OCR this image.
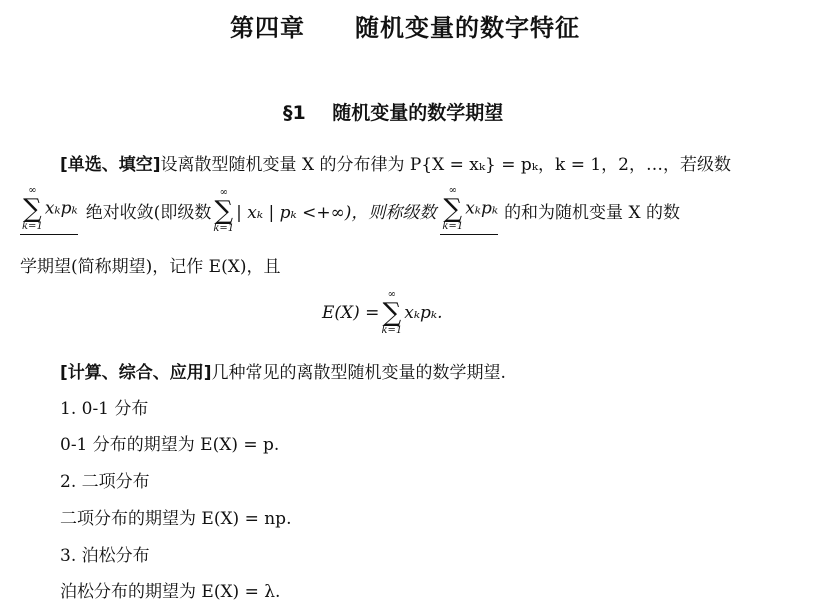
第四章　　随机变量的数字特征
§1 随机变量的数学期望
[单选、填空]设离散型随机变量 X 的分布律为 P{X = xₖ} = pₖ，k = 1，2，…，若级数
∞
∑
k=1
xₖpₖ 绝对收敛(即级数
∞
∑
k=1
| xₖ | pₖ <+∞)，则称级数
∞
∑
k=1
xₖpₖ 的和为随机变量 X 的数
学期望(简称期望)，记作 E(X)，且
E(X) =
∞
∑
k=1
xₖpₖ.
[计算、综合、应用]几种常见的离散型随机变量的数学期望.
1. 0-1 分布
0-1 分布的期望为 E(X) = p.
2. 二项分布
二项分布的期望为 E(X) = np.
3. 泊松分布
泊松分布的期望为 E(X) = λ.
